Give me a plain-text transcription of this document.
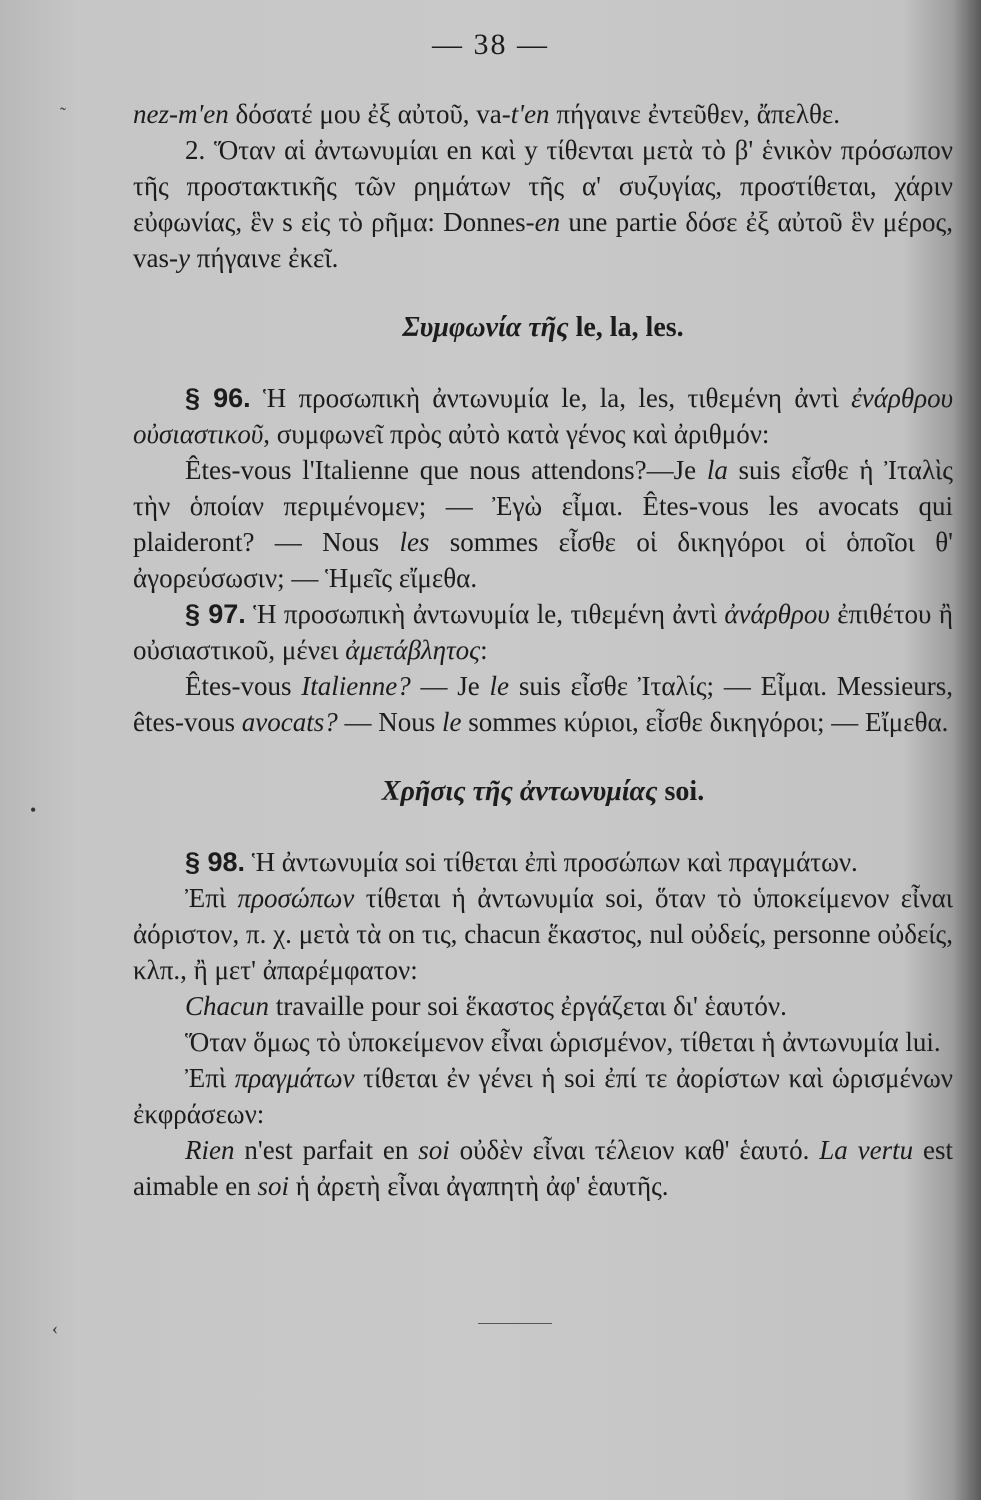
— 38 —
˜
•
‹

nez-m'en δόσατέ μου ἐξ αὐτοῦ, va-t'en πήγαινε ἐντεῦθεν, ἄπελθε.

2. Ὅταν αἱ ἀντωνυμίαι en καὶ y τίθενται μετὰ τὸ β' ἑνικὸν πρόσωπον τῆς προστακτικῆς τῶν ρημάτων τῆς α' συζυγίας, προστίθεται, χάριν εὐφωνίας, ἓν s εἰς τὸ ρῆμα: Donnes-en une partie δόσε ἐξ αὐτοῦ ἓν μέρος, vas-y πήγαινε ἐκεῖ.

Συμφωνία τῆς le, la, les.

§ 96. Ἡ προσωπικὴ ἀντωνυμία le, la, les, τιθεμένη ἀντὶ ἐνάρθρου οὐσιαστικοῦ, συμφωνεῖ πρὸς αὐτὸ κατὰ γένος καὶ ἀριθμόν:

Êtes-vous l'Italienne que nous attendons?—Je la suis εἶσθε ἡ Ἰταλὶς τὴν ὁποίαν περιμένομεν; — Ἐγὼ εἶμαι. Êtes-vous les avocats qui plaideront? — Nous les sommes εἶσθε οἱ δικηγόροι οἱ ὁποῖοι θ' ἀγορεύσωσιν; — Ἡμεῖς εἴμεθα.

§ 97. Ἡ προσωπικὴ ἀντωνυμία le, τιθεμένη ἀντὶ ἀνάρθρου ἐπιθέτου ἢ οὐσιαστικοῦ, μένει ἀμετάβλητος:

Êtes-vous Italienne? — Je le suis εἶσθε Ἰταλίς; — Εἶμαι. Messieurs, êtes-vous avocats? — Nous le sommes κύριοι, εἶσθε δικηγόροι; — Εἴμεθα.

Χρῆσις τῆς ἀντωνυμίας soi.

§ 98. Ἡ ἀντωνυμία soi τίθεται ἐπὶ προσώπων καὶ πραγμάτων.

Ἐπὶ προσώπων τίθεται ἡ ἀντωνυμία soi, ὅταν τὸ ὑποκείμενον εἶναι ἀόριστον, π. χ. μετὰ τὰ on τις, chacun ἕκαστος, nul οὐδείς, personne οὐδείς, κλπ., ἢ μετ' ἀπαρέμφατον:

Chacun travaille pour soi ἕκαστος ἐργάζεται δι' ἑαυτόν.

Ὅταν ὅμως τὸ ὑποκείμενον εἶναι ὡρισμένον, τίθεται ἡ ἀντωνυμία lui.

Ἐπὶ πραγμάτων τίθεται ἐν γένει ἡ soi ἐπί τε ἀορίστων καὶ ὡρισμένων ἐκφράσεων:

Rien n'est parfait en soi οὐδὲν εἶναι τέλειον καθ' ἑαυτό. La vertu est aimable en soi ἡ ἀρετὴ εἶναι ἀγαπητὴ ἀφ' ἑαυτῆς.
